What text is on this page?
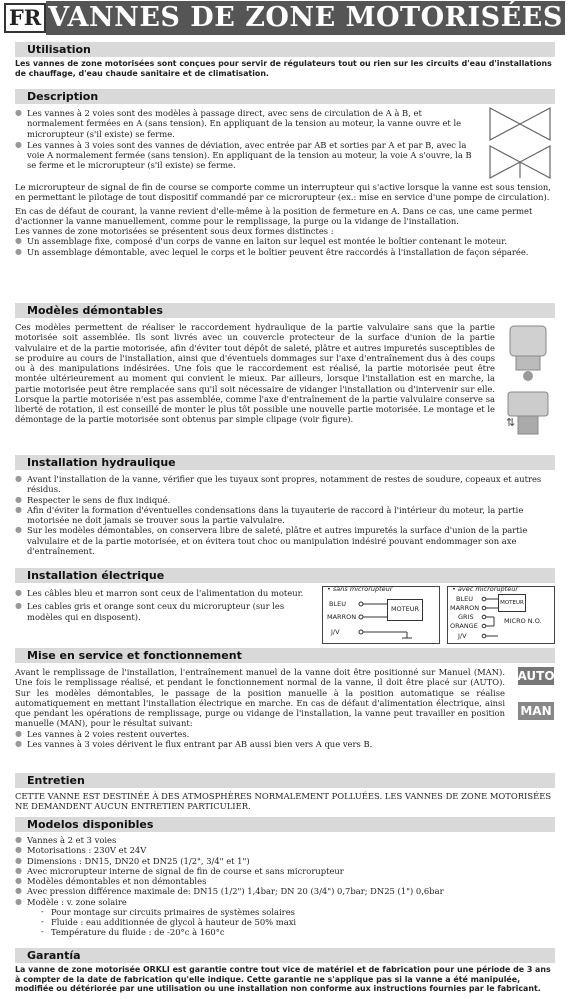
FR VANNES DE ZONE MOTORISÉES
Utilisation

Les vannes de zone motorisées sont conçues pour servir de régulateurs tout ou rien sur les circuits d'eau d'installations de chauffage, d'eau chaude sanitaire et de climatisation.

Description
● Les vannes à 2 voies sont des modèles à passage direct, avec sens de circulation de A à B, et normalement fermées en A (sans tension). En appliquant de la tension au moteur, la vanne ouvre et le microrupteur (s'il existe) se ferme.
● Les vannes à 3 voies sont des vannes de déviation, avec entrée par AB et sorties par A et par B, avec la voie A normalement fermée (sans tension). En appliquant de la tension au moteur, la voie A s'ouvre, la B se ferme et le microrupteur (s'il existe) se ferme.

Le microrupteur de signal de fin de course se comporte comme un interrupteur qui s'active lorsque la vanne est sous tension, en permettant le pilotage de tout dispositif commandé par ce microrupteur (ex.: mise en service d'une pompe de circulation).

En cas de défaut de courant, la vanne revient d'elle-même à la position de fermeture en A. Dans ce cas, une came permet d'actionner la vanne manuellement, comme pour le remplissage, la purge ou la vidange de l'installation.

Les vannes de zone motorisées se présentent sous deux formes distinctes :

● Un assemblage fixe, composé d'un corps de vanne en laiton sur lequel est montée le boîtier contenant le moteur.
● Un assemblage démontable, avec lequel le corps et le boîtier peuvent être raccordés à l'installation de façon séparée.
Modèles démontables

Ces modèles permettent de réaliser le raccordement hydraulique de la partie valvulaire sans que la partie motorisée soit assemblée. Ils sont livrés avec un couvercle protecteur de la surface d'union de la partie valvulaire et de la partie motorisée, afin d'éviter tout dépôt de saleté, plâtre et autres impuretés susceptibles de se produire au cours de l'installation, ainsi que d'éventuels dommages sur l'axe d'entraînement dus à des coups ou à des manipulations indésirées. Une fois que le raccordement est réalisé, la partie motorisée peut être montée ultérieurement au moment qui convient le mieux. Par ailleurs, lorsque l'installation est en marche, la partie motorisée peut être remplacée sans qu'il soit nécessaire de vidanger l'installation ou d'intervenir sur elle. Lorsque la partie motorisée n'est pas assemblée, comme l'axe d'entraînement de la partie valvulaire conserve sa liberté de rotation, il est conseillé de monter le plus tôt possible une nouvelle partie motorisée. Le montage et le démontage de la partie motorisée sont obtenus par simple clipage (voir figure).	⇅
Installation hydraulique
● Avant l'installation de la vanne, vérifier que les tuyaux sont propres, notamment de restes de soudure, copeaux et autres résidus.
● Respecter le sens de flux indiqué.
● Afin d'éviter la formation d'éventuelles condensations dans la tuyauterie de raccord à l'intérieur du moteur, la partie motorisée ne doit jamais se trouver sous la partie valvulaire.
● Sur les modèles démontables, on conservera libre de saleté, plâtre et autres impuretés la surface d'union de la partie valvulaire et de la partie motorisée, et on évitera tout choc ou manipulation indésiré pouvant endommager son axe d'entraînement.
Installation électrique
● Les câbles bleu et marron sont ceux de l'alimentation du moteur.
● Les cables gris et orange sont ceux du microrupteur (sur les modèles qui en disposent).
• sans microrupteur
BLEU
MARRON
J/V
MOTEUR
• avec microrupteur
BLEU
MARRON
GRIS
ORANGE
J/V
MOTEUR
MICRO N.O.
Mise en service et fonctionnement

Avant le remplissage de l'installation, l'entraînement manuel de la vanne doit être positionné sur Manuel (MAN). Une fois le remplissage réalisé, et pendant le fonctionnement normal de la vanne, il doit être placé sur (AUTO). Sur les modèles démontables, le passage de la position manuelle à la position automatique se réalise automatiquement en mettant l'installation électrique en marche. En cas de défaut d'alimentation électrique, ainsi que pendant les opérations de remplissage, purge ou vidange de l'installation, la vanne peut travailler en position manuelle (MAN), pour le résultat suivant:

● Les vannes à 2 voies restent ouvertes.
● Les vannes à 3 voies dérivent le flux entrant par AB aussi bien vers A que vers B.
AUTO
MAN
Entretien

CETTE VANNE EST DESTINÉE À DES ATMOSPHÈRES NORMALEMENT POLLUÉES. LES VANNES DE ZONE MOTORISÉES NE DEMANDENT AUCUN ENTRETIEN PARTICULIER.

Modelos disponibles
● Vannes à 2 et 3 voies
● Motorisations : 230V et 24V
● Dimensions : DN15, DN20 et DN25 (1/2", 3/4" et 1")
● Avec microrupteur interne de signal de fin de course et sans microrupteur
● Modèles démontables et non démontables
● Avec pression différence maximale de: DN15 (1/2") 1,4bar; DN 20 (3/4") 0,7bar; DN25 (1") 0,6bar
● Modèle : v. zone solaire
- Pour montage sur circuits primaires de systèmes solaires
- Fluide : eau additionnée de glycol à hauteur de 50% maxi
- Température du fluide : de -20°c à 160°c
Garantía

La vanne de zone motorisée ORKLI est garantie contre tout vice de matériel et de fabrication pour une période de 3 ans à compter de la date de fabrication qu'elle indique. Cette garantie ne s'applique pas si la vanne a été manipulée, modifiée ou détériorée par une utilisation ou une installation non conforme aux instructions fournies par le fabricant.
